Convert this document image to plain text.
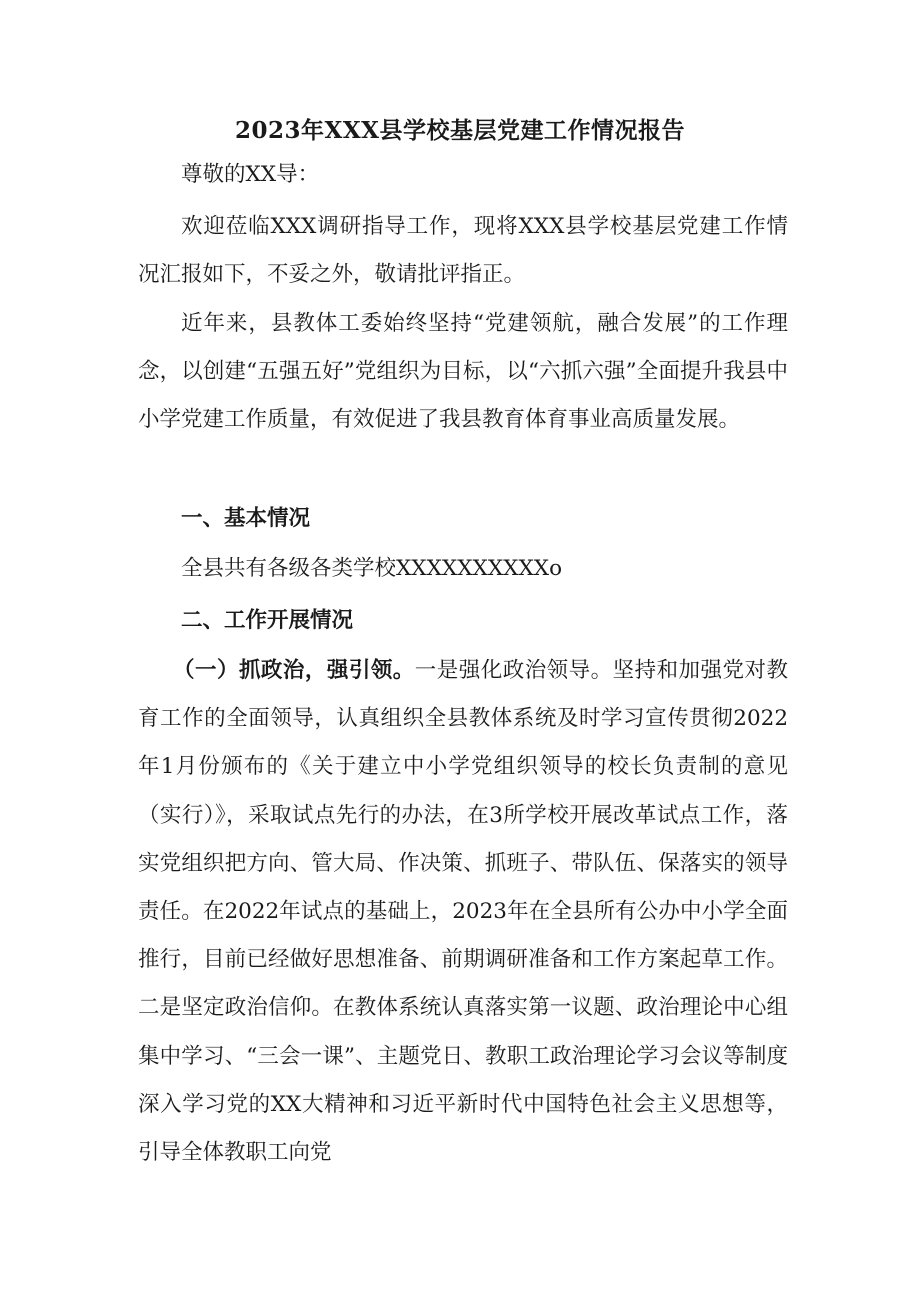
2023年XXX县学校基层党建工作情况报告
尊敬的XX导：

欢迎莅临XXX调研指导工作，现将XXX县学校基层党建工作情况汇报如下，不妥之外，敬请批评指正。

近年来，县教体工委始终坚持“党建领航，融合发展”的工作理念，以创建“五强五好”党组织为目标，以“六抓六强”全面提升我县中小学党建工作质量，有效促进了我县教育体育事业高质量发展。

一、基本情况
全县共有各级各类学校XXXXXXXXXXo
二、工作开展情况

（一）抓政治，强引领。一是强化政治领导。坚持和加强党对教育工作的全面领导，认真组织全县教体系统及时学习宣传贯彻2022年1月份颁布的《关于建立中小学党组织领导的校长负责制的意见（实行）》，采取试点先行的办法，在3所学校开展改革试点工作，落实党组织把方向、管大局、作决策、抓班子、带队伍、保落实的领导责任。在2022年试点的基础上，2023年在全县所有公办中小学全面推行，目前已经做好思想准备、前期调研准备和工作方案起草工作。二是坚定政治信仰。在教体系统认真落实第一议题、政治理论中心组集中学习、“三会一课”、主题党日、教职工政治理论学习会议等制度深入学习党的XX大精神和习近平新时代中国特色社会主义思想等，引导全体教职工向党
